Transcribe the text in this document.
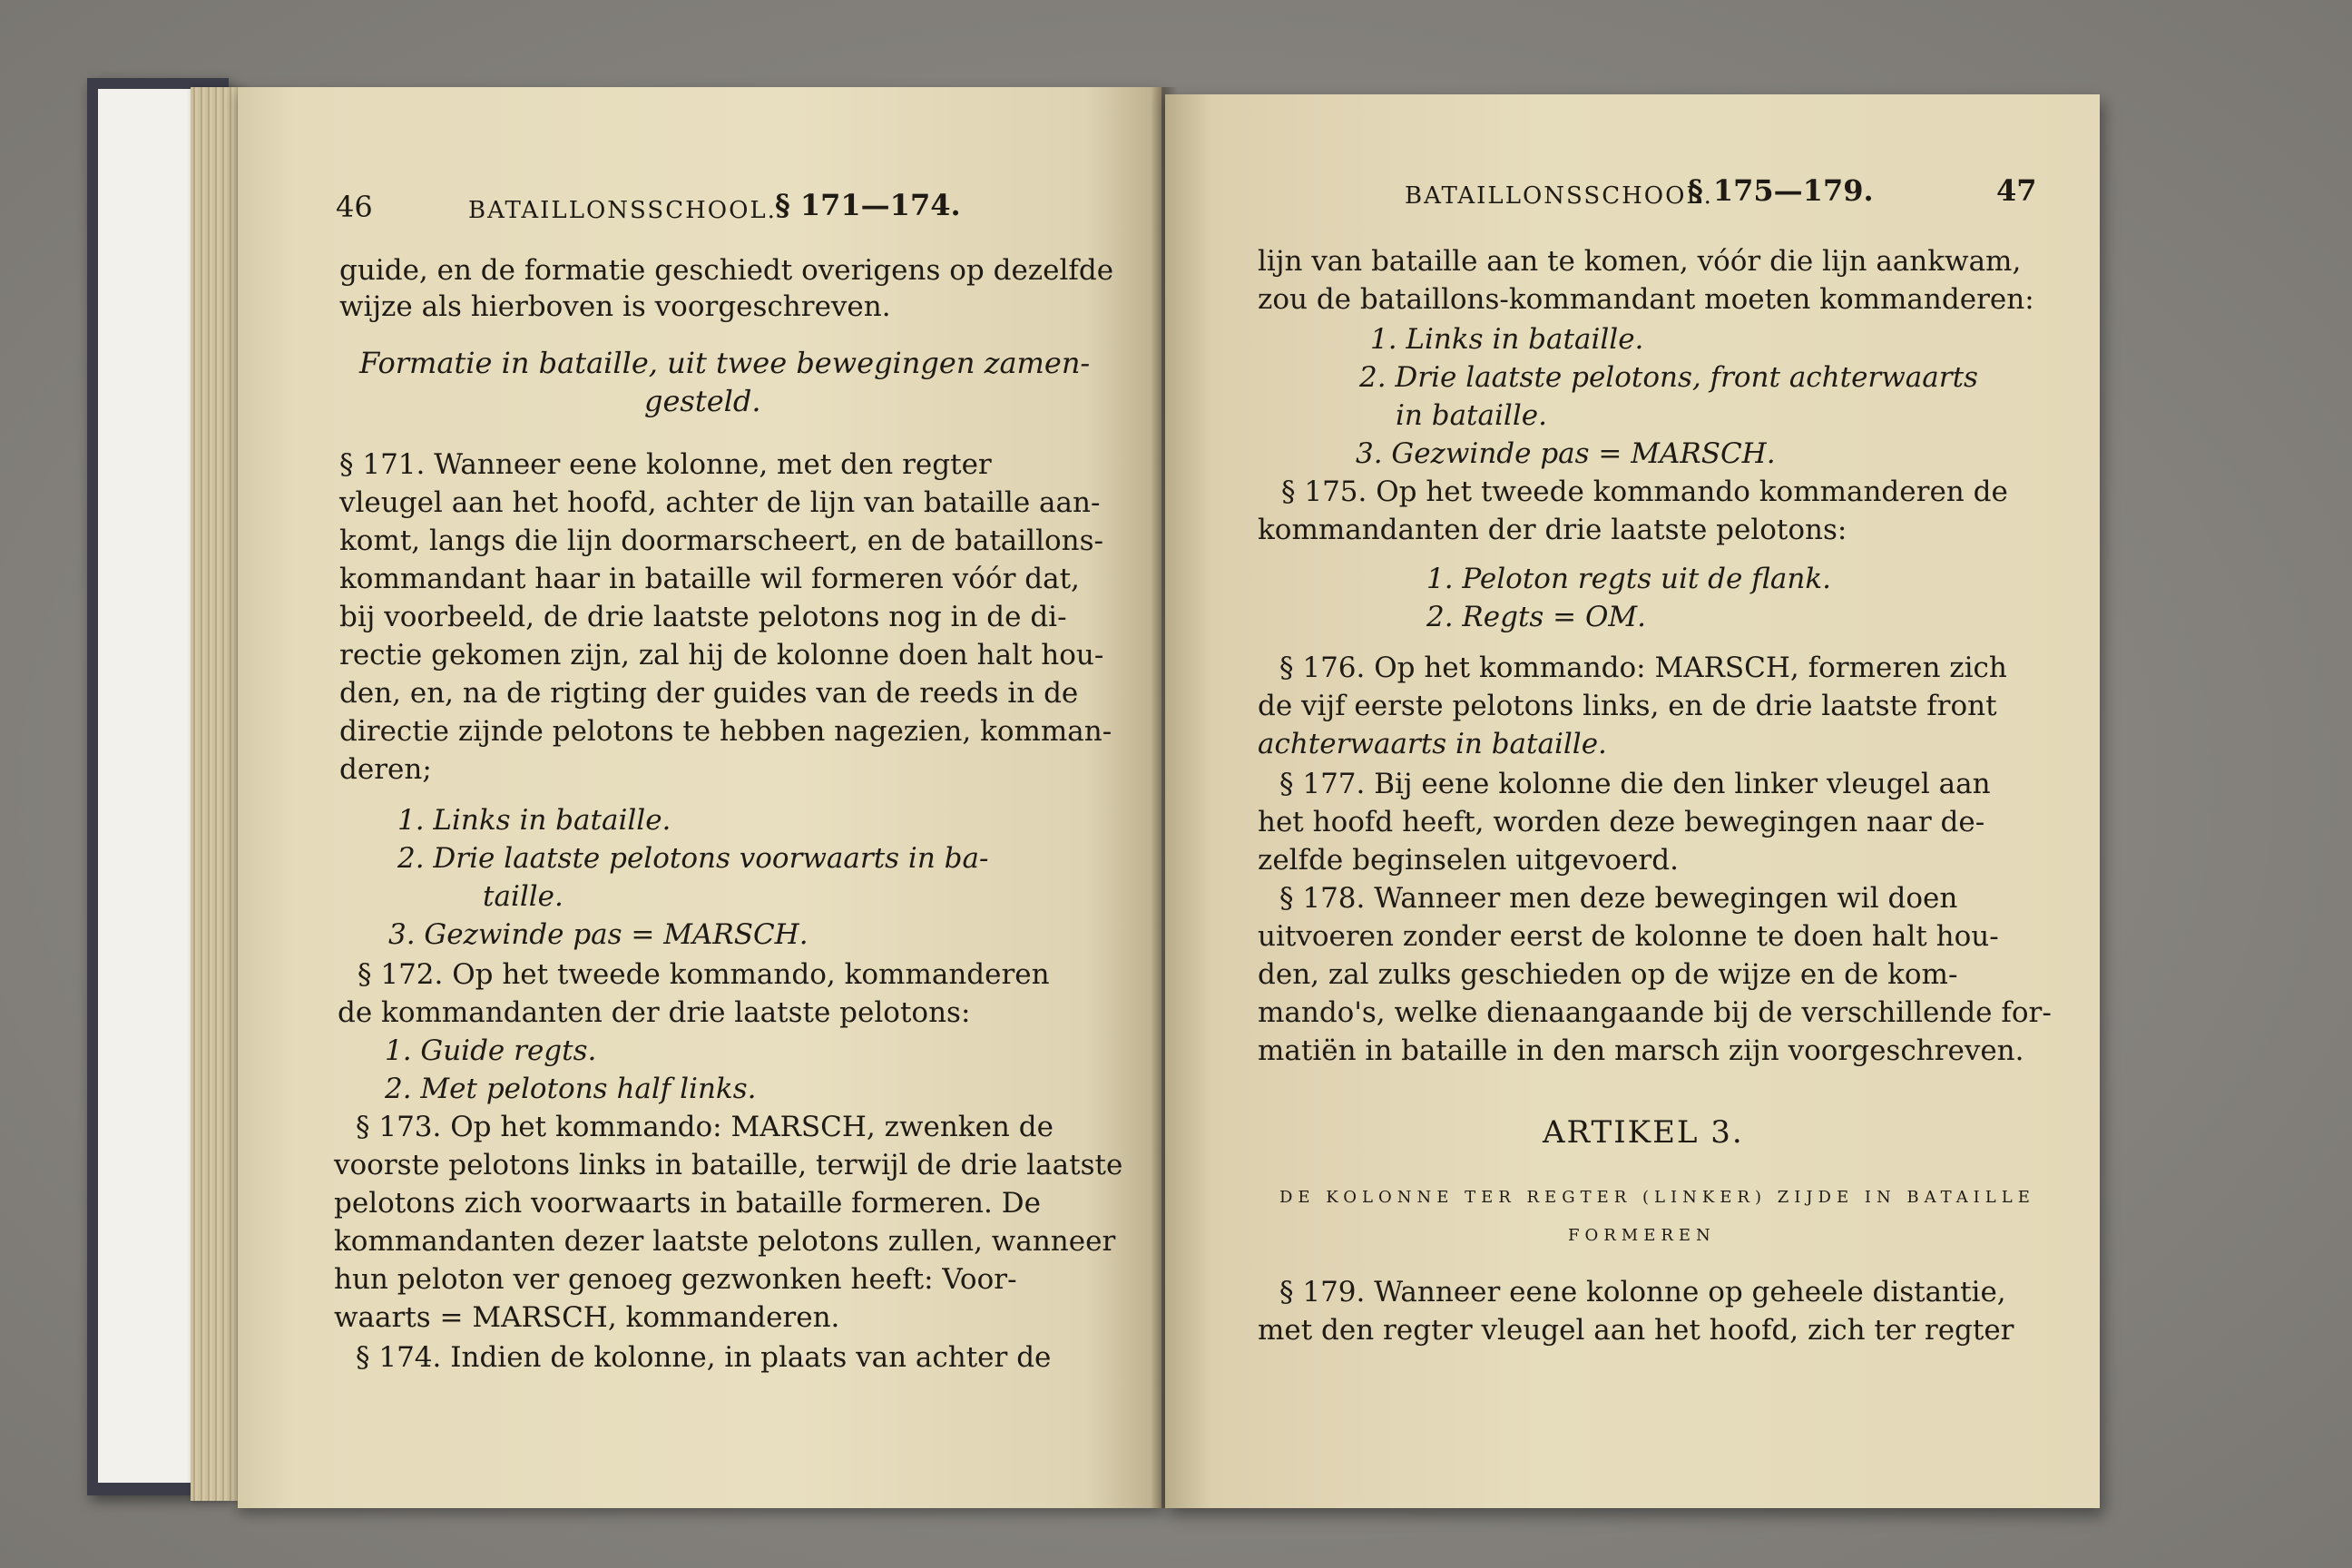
46	BATAILLONSSCHOOL.
§ 171—174.
guide, en de formatie geschiedt overigens op dezelfde
wijze als hierboven is voorgeschreven.
Formatie in bataille, uit twee bewegingen zamen-
gesteld.
§ 171. Wanneer eene kolonne, met den regter
vleugel aan het hoofd, achter de lijn van bataille aan-
komt, langs die lijn doormarscheert, en de bataillons-
kommandant haar in bataille wil formeren vóór dat,
bij voorbeeld, de drie laatste pelotons nog in de di-
rectie gekomen zijn, zal hij de kolonne doen halt hou-
den, en, na de rigting der guides van de reeds in de
directie zijnde pelotons te hebben nagezien, komman-
deren;
1. Links in bataille.
2. Drie laatste pelotons voorwaarts in ba-
taille.
3. Gezwinde pas = MARSCH.
§ 172. Op het tweede kommando, kommanderen
de kommandanten der drie laatste pelotons:
1. Guide regts.
2. Met pelotons half links.
§ 173. Op het kommando: MARSCH, zwenken de
voorste pelotons links in bataille, terwijl de drie laatste
pelotons zich voorwaarts in bataille formeren. De
kommandanten dezer laatste pelotons zullen, wanneer
hun peloton ver genoeg gezwonken heeft: Voor-
waarts = MARSCH, kommanderen.
§ 174. Indien de kolonne, in plaats van achter de
BATAILLONSSCHOOL.
§ 175—179.	47
lijn van bataille aan te komen, vóór die lijn aankwam,
zou de bataillons-kommandant moeten kommanderen:
1. Links in bataille.
2. Drie laatste pelotons, front achterwaarts
in bataille.
3. Gezwinde pas = MARSCH.
§ 175. Op het tweede kommando kommanderen de
kommandanten der drie laatste pelotons:
1. Peloton regts uit de flank.
2. Regts = OM.
§ 176. Op het kommando: MARSCH, formeren zich
de vijf eerste pelotons links, en de drie laatste front
achterwaarts in bataille.
§ 177. Bij eene kolonne die den linker vleugel aan
het hoofd heeft, worden deze bewegingen naar de-
zelfde beginselen uitgevoerd.
§ 178. Wanneer men deze bewegingen wil doen
uitvoeren zonder eerst de kolonne te doen halt hou-
den, zal zulks geschieden op de wijze en de kom-
mando's, welke dienaangaande bij de verschillende for-
matiën in bataille in den marsch zijn voorgeschreven.
ARTIKEL 3.
DE KOLONNE TER REGTER (LINKER) ZIJDE IN BATAILLE
FORMEREN
§ 179. Wanneer eene kolonne op geheele distantie,
met den regter vleugel aan het hoofd, zich ter regter
